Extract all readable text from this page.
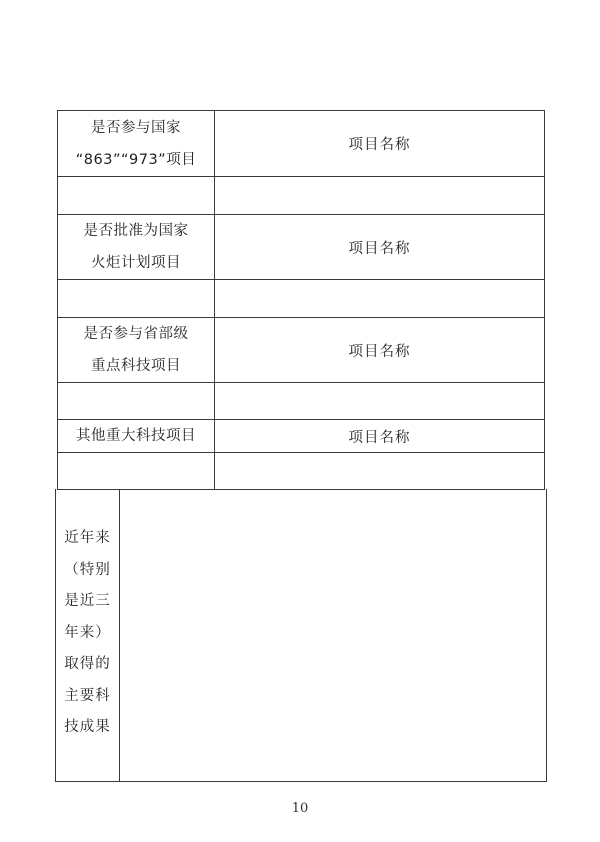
是否参与国家
“863”“973”项目	项目名称

是否批准为国家
火炬计划项目	项目名称

是否参与省部级
重点科技项目	项目名称

其他重大科技项目	项目名称

近年来
（特别
是近三
年来）
取得的
主要科
技成果
10
